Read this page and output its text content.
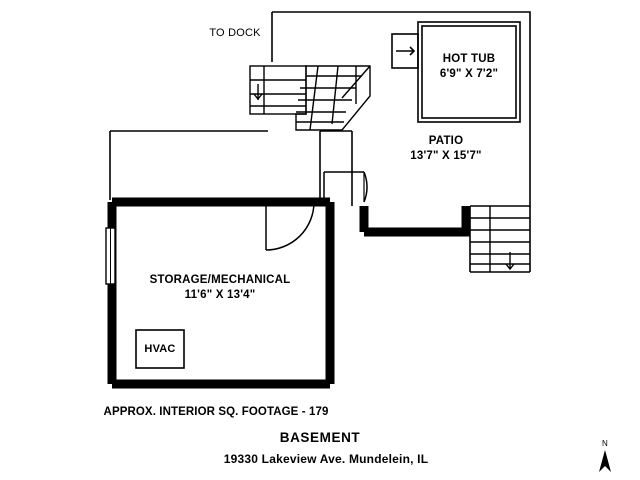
TO DOCK
HOT TUB
6'9" X 7'2"
PATIO
13'7" X 15'7"
STORAGE/MECHANICAL
11'6" X 13'4"
HVAC
APPROX. INTERIOR SQ. FOOTAGE - 179
BASEMENT
19330 Lakeview Ave. Mundelein, IL
N
